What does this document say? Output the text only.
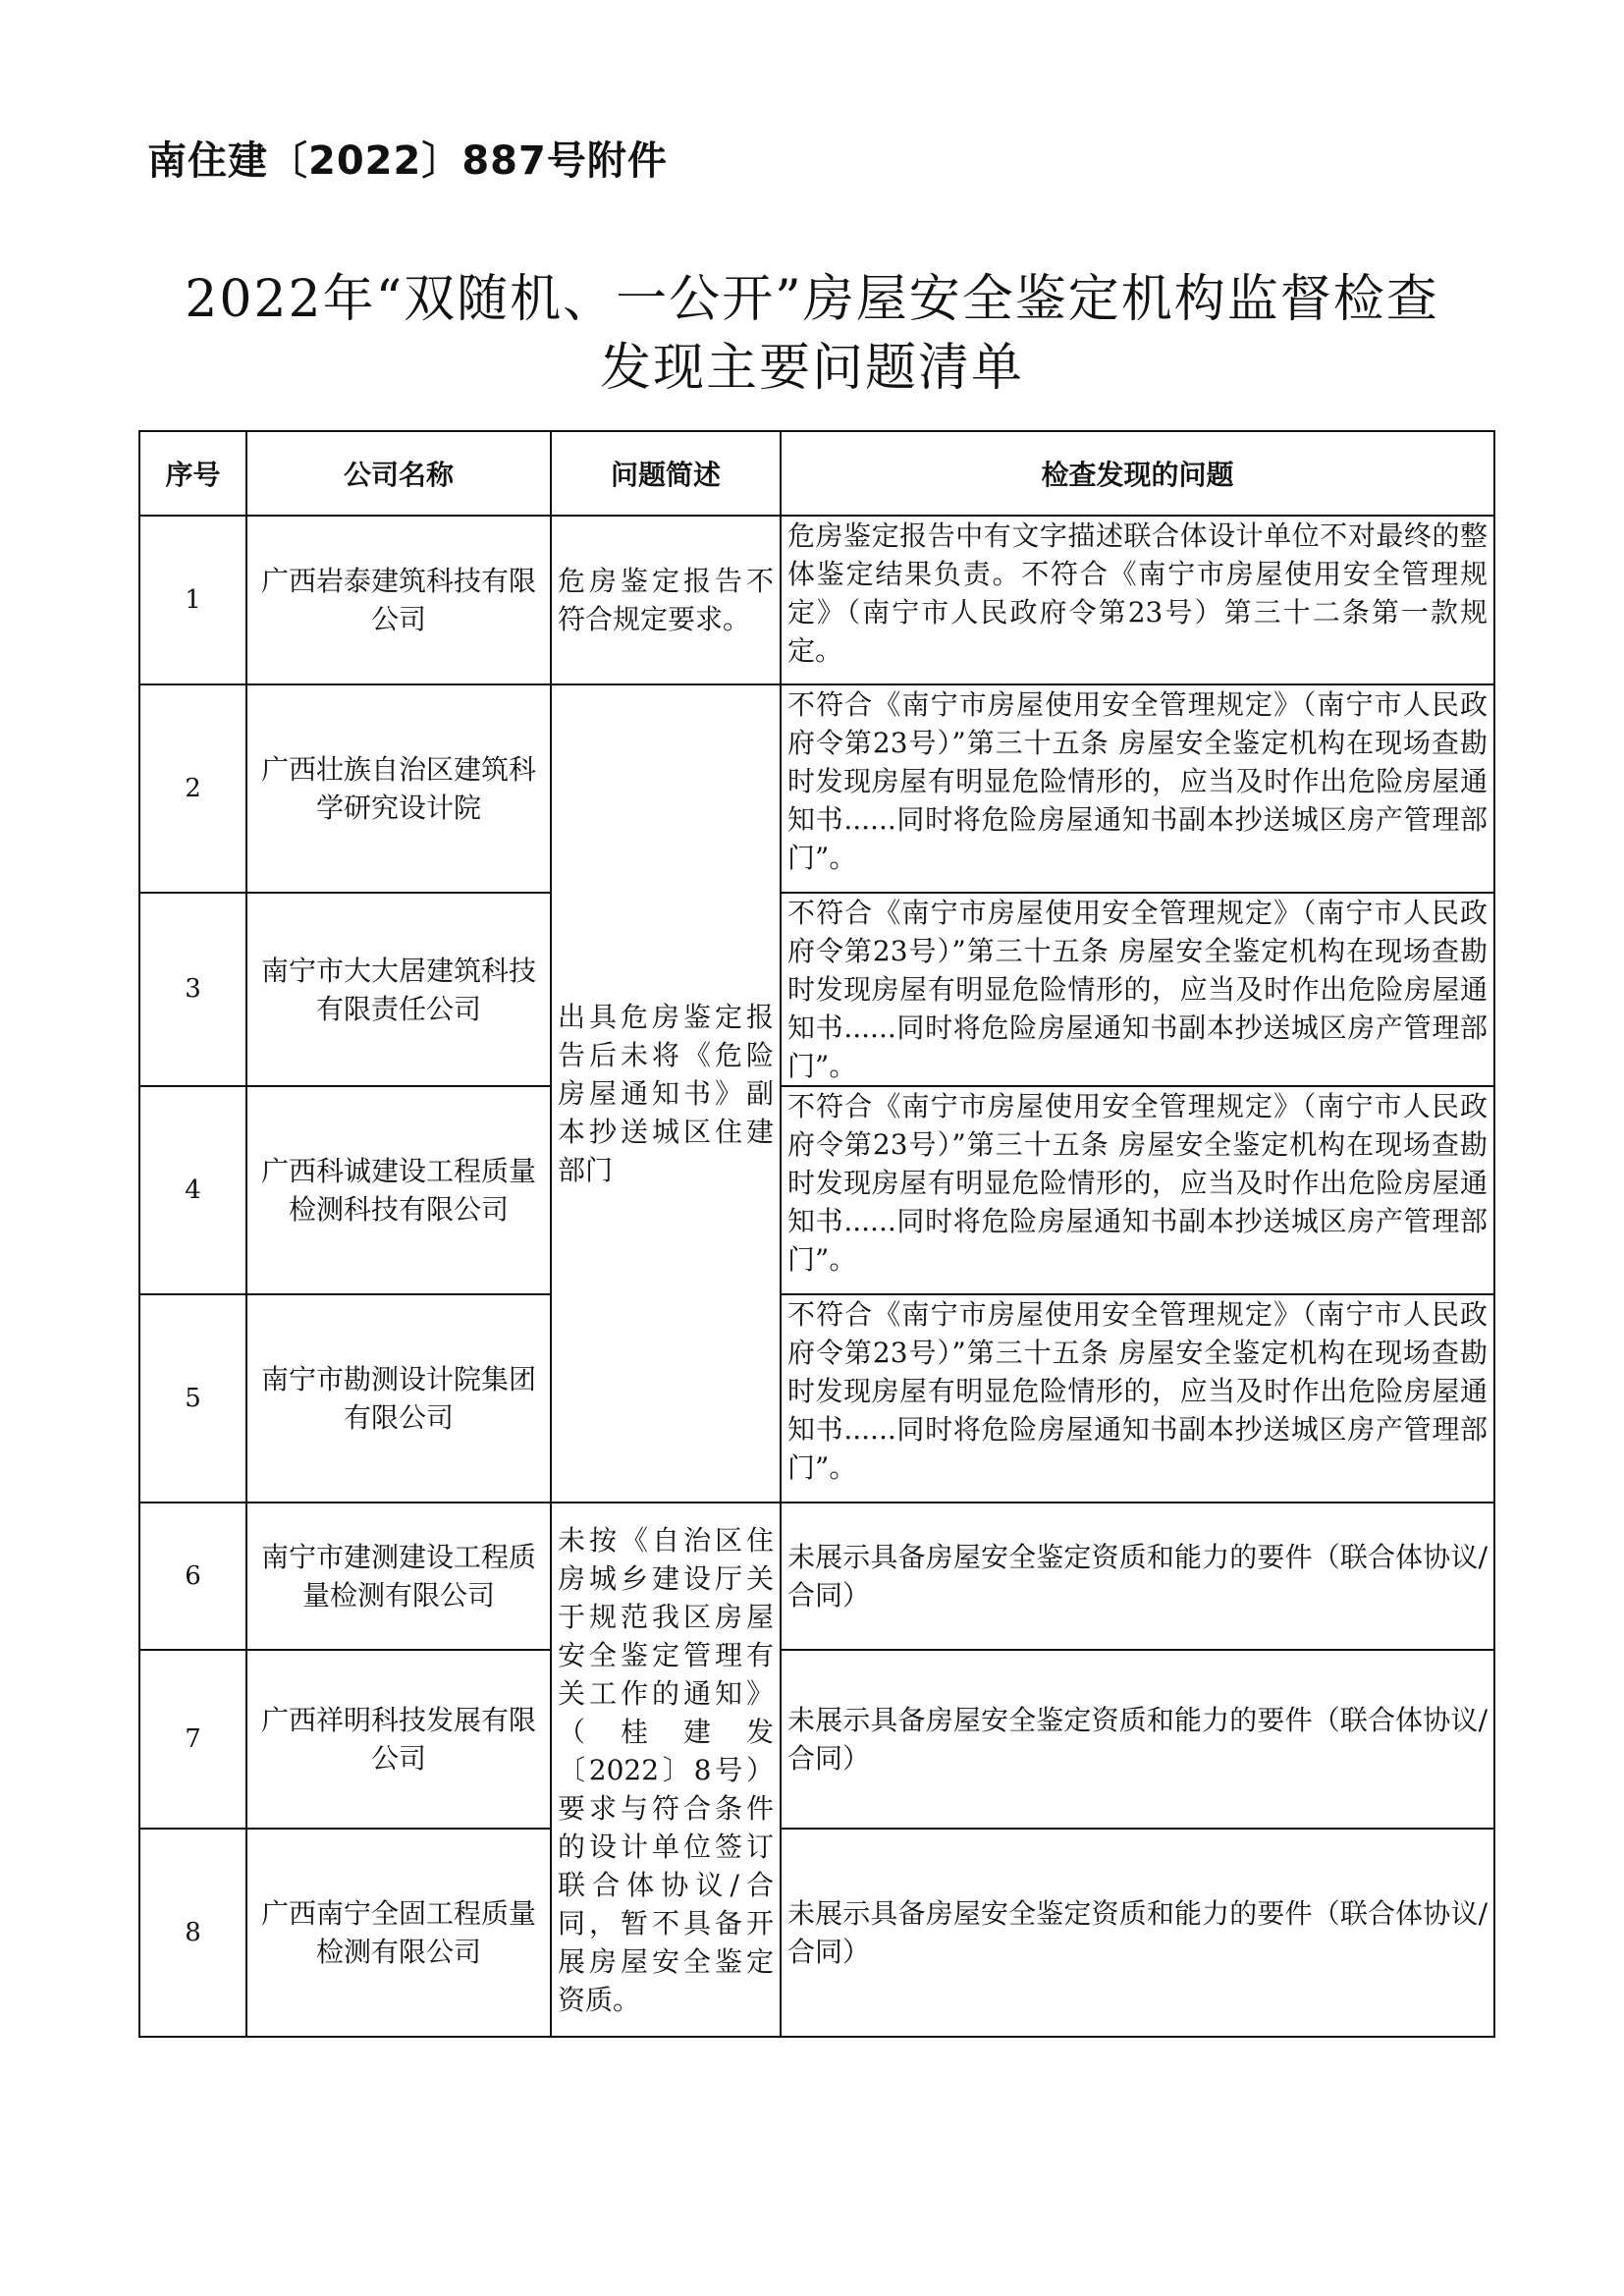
南住建〔2022〕887号附件
2022年“双随机、一公开”房屋安全鉴定机构监督检查
发现主要问题清单
序号	公司名称	问题简述	检查发现的问题
1	广西岩泰建筑科技有限公司	危房鉴定报告不符合规定要求。	危房鉴定报告中有文字描述联合体设计单位不对最终的整体鉴定结果负责。不符合《南宁市房屋使用安全管理规定》（南宁市人民政府令第23号）第三十二条第一款规定。
2	广西壮族自治区建筑科学研究设计院	出具危房鉴定报告后未将《危险房屋通知书》副本抄送城区住建部门	不符合《南宁市房屋使用安全管理规定》（南宁市人民政府令第23号）”第三十五条 房屋安全鉴定机构在现场查勘时发现房屋有明显危险情形的，应当及时作出危险房屋通知书......同时将危险房屋通知书副本抄送城区房产管理部门”。
3	南宁市大大居建筑科技有限责任公司		不符合《南宁市房屋使用安全管理规定》（南宁市人民政府令第23号）”第三十五条 房屋安全鉴定机构在现场查勘时发现房屋有明显危险情形的，应当及时作出危险房屋通知书......同时将危险房屋通知书副本抄送城区房产管理部门”。
4	广西科诚建设工程质量检测科技有限公司		不符合《南宁市房屋使用安全管理规定》（南宁市人民政府令第23号）”第三十五条 房屋安全鉴定机构在现场查勘时发现房屋有明显危险情形的，应当及时作出危险房屋通知书......同时将危险房屋通知书副本抄送城区房产管理部门”。
5	南宁市勘测设计院集团有限公司		不符合《南宁市房屋使用安全管理规定》（南宁市人民政府令第23号）”第三十五条 房屋安全鉴定机构在现场查勘时发现房屋有明显危险情形的，应当及时作出危险房屋通知书......同时将危险房屋通知书副本抄送城区房产管理部门”。
6	南宁市建测建设工程质量检测有限公司	未按《自治区住房城乡建设厅关于规范我区房屋安全鉴定管理有关工作的通知》（桂建发〔2022〕8号）要求与符合条件的设计单位签订联合体协议/合同，暂不具备开展房屋安全鉴定资质。	未展示具备房屋安全鉴定资质和能力的要件（联合体协议/合同）
7	广西祥明科技发展有限公司		未展示具备房屋安全鉴定资质和能力的要件（联合体协议/合同）
8	广西南宁全固工程质量检测有限公司		未展示具备房屋安全鉴定资质和能力的要件（联合体协议/合同）
